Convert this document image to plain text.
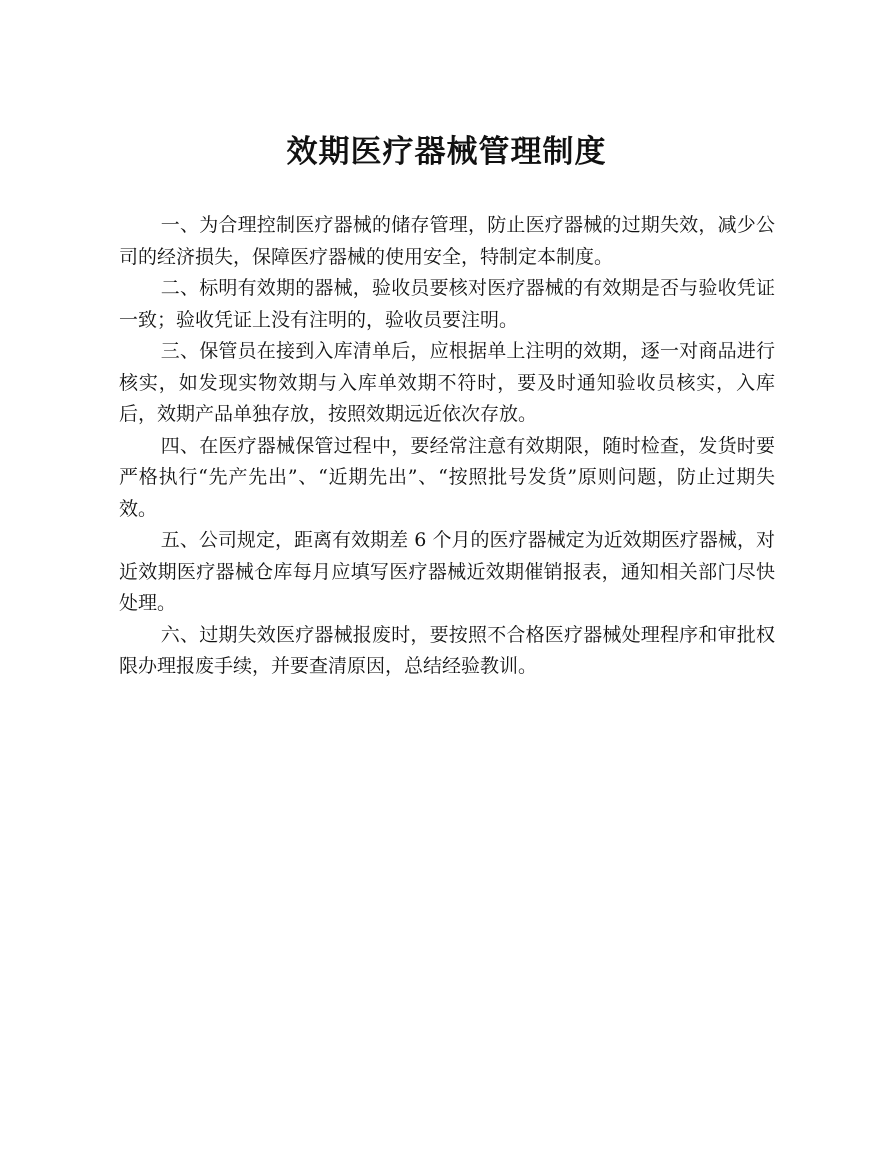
效期医疗器械管理制度

一、为合理控制医疗器械的储存管理，防止医疗器械的过期失效，减少公司的经济损失，保障医疗器械的使用安全，特制定本制度。

二、标明有效期的器械，验收员要核对医疗器械的有效期是否与验收凭证一致；验收凭证上没有注明的，验收员要注明。

三、保管员在接到入库清单后，应根据单上注明的效期，逐一对商品进行核实，如发现实物效期与入库单效期不符时，要及时通知验收员核实，入库后，效期产品单独存放，按照效期远近依次存放。

四、在医疗器械保管过程中，要经常注意有效期限，随时检查，发货时要严格执行“先产先出”、“近期先出”、“按照批号发货”原则问题，防止过期失效。

五、公司规定，距离有效期差 6 个月的医疗器械定为近效期医疗器械，对近效期医疗器械仓库每月应填写医疗器械近效期催销报表，通知相关部门尽快处理。

六、过期失效医疗器械报废时，要按照不合格医疗器械处理程序和审批权限办理报废手续，并要查清原因，总结经验教训。
